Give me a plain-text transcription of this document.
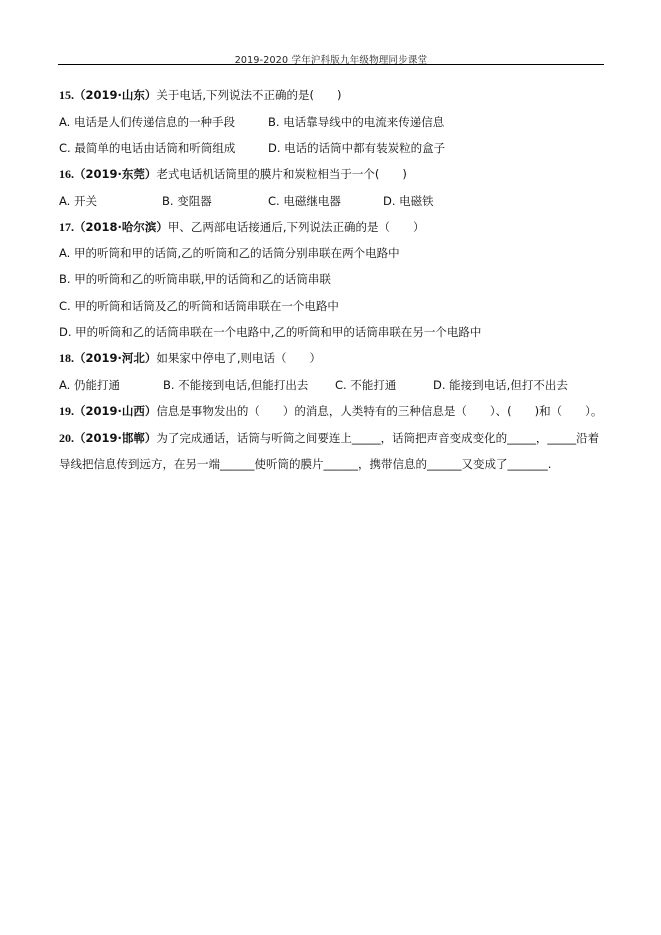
2019-2020 学年沪科版九年级物理同步课堂
15.（2019·山东）关于电话,下列说法不正确的是(　　)
A. 电话是人们传递信息的一种手段	B. 电话靠导线中的电流来传递信息
C. 最简单的电话由话筒和听筒组成	D. 电话的话筒中都有装炭粒的盒子
16.（2019·东莞）老式电话机话筒里的膜片和炭粒相当于一个(　　)
A. 开关	B. 变阻器	C. 电磁继电器	D. 电磁铁
17.（2018·哈尔滨）甲、乙两部电话接通后,下列说法正确的是（　　）
A. 甲的听筒和甲的话筒,乙的听筒和乙的话筒分别串联在两个电路中
B. 甲的听筒和乙的听筒串联,甲的话筒和乙的话筒串联
C. 甲的听筒和话筒及乙的听筒和话筒串联在一个电路中
D. 甲的听筒和乙的话筒串联在一个电路中,乙的听筒和甲的话筒串联在另一个电路中
18.（2019·河北）如果家中停电了,则电话（　　）
A. 仍能打通	B. 不能接到电话,但能打出去 C. 不能打通	D. 能接到电话,但打不出去
19.（2019·山西）信息是事物发出的（　　）的消息，人类特有的三种信息是（　　）、(　　)和（　　）。
20.（2019·邯郸）为了完成通话，话筒与听筒之间要连上_____，话筒把声音变成变化的_____，_____沿着
导线把信息传到远方，在另一端______使听筒的膜片______，携带信息的______又变成了_______.
